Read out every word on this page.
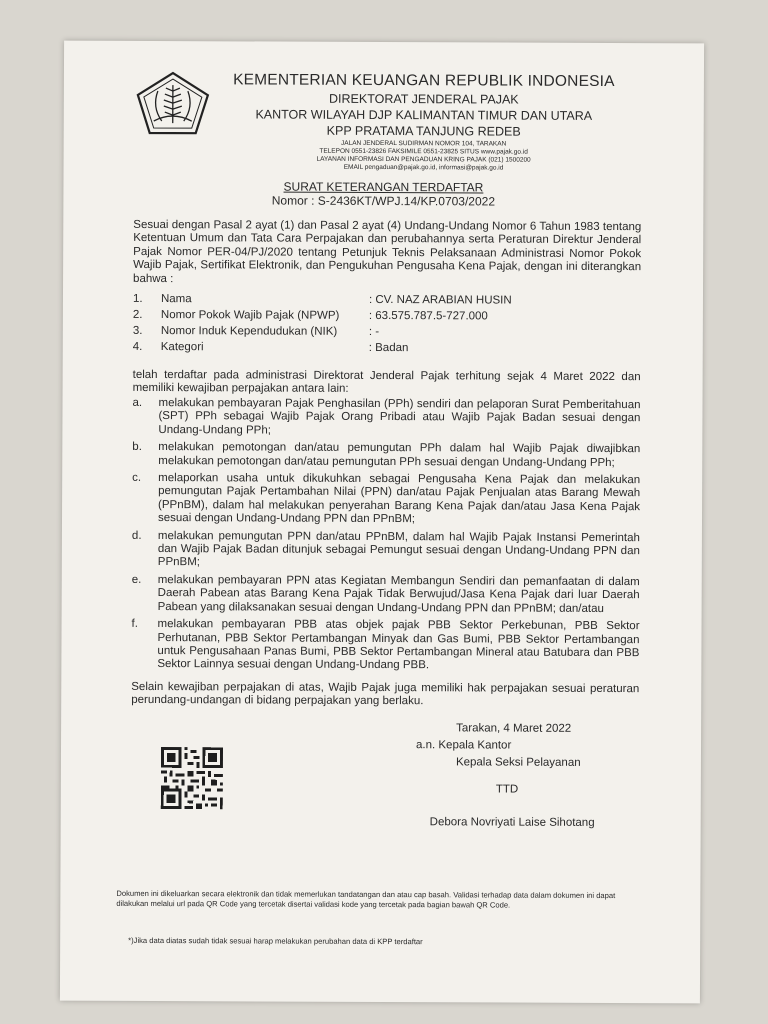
KEMENTERIAN KEUANGAN REPUBLIK INDONESIA
DIREKTORAT JENDERAL PAJAK
KANTOR WILAYAH DJP KALIMANTAN TIMUR DAN UTARA
KPP PRATAMA TANJUNG REDEB
JALAN JENDERAL SUDIRMAN NOMOR 104, TARAKAN
TELEPON 0551-23826 FAKSIMILE 0551-23825 SITUS www.pajak.go.id
LAYANAN INFORMASI DAN PENGADUAN KRING PAJAK (021) 1500200
EMAIL pengaduan@pajak.go.id, informasi@pajak.go.id
SURAT KETERANGAN TERDAFTAR
Nomor : S-2436KT/WPJ.14/KP.0703/2022
Sesuai dengan Pasal 2 ayat (1) dan Pasal 2 ayat (4) Undang-Undang Nomor 6 Tahun 1983 tentang Ketentuan Umum dan Tata Cara Perpajakan dan perubahannya serta Peraturan Direktur Jenderal Pajak Nomor PER-04/PJ/2020 tentang Petunjuk Teknis Pelaksanaan Administrasi Nomor Pokok Wajib Pajak, Sertifikat Elektronik, dan Pengukuhan Pengusaha Kena Pajak, dengan ini diterangkan bahwa :
1.	Nama	: CV. NAZ ARABIAN HUSIN
2.	Nomor Pokok Wajib Pajak (NPWP)	: 63.575.787.5-727.000
3.	Nomor Induk Kependudukan (NIK)	: -
4.	Kategori	: Badan
telah terdaftar pada administrasi Direktorat Jenderal Pajak terhitung sejak 4 Maret 2022 dan memiliki kewajiban perpajakan antara lain:
a.	melakukan pembayaran Pajak Penghasilan (PPh) sendiri dan pelaporan Surat Pemberitahuan (SPT) PPh sebagai Wajib Pajak Orang Pribadi atau Wajib Pajak Badan sesuai dengan Undang-Undang PPh;
b.	melakukan pemotongan dan/atau pemungutan PPh dalam hal Wajib Pajak diwajibkan melakukan pemotongan dan/atau pemungutan PPh sesuai dengan Undang-Undang PPh;
c.	melaporkan usaha untuk dikukuhkan sebagai Pengusaha Kena Pajak dan melakukan pemungutan Pajak Pertambahan Nilai (PPN) dan/atau Pajak Penjualan atas Barang Mewah (PPnBM), dalam hal melakukan penyerahan Barang Kena Pajak dan/atau Jasa Kena Pajak sesuai dengan Undang-Undang PPN dan PPnBM;
d.	melakukan pemungutan PPN dan/atau PPnBM, dalam hal Wajib Pajak Instansi Pemerintah dan Wajib Pajak Badan ditunjuk sebagai Pemungut sesuai dengan Undang-Undang PPN dan PPnBM;
e.	melakukan pembayaran PPN atas Kegiatan Membangun Sendiri dan pemanfaatan di dalam Daerah Pabean atas Barang Kena Pajak Tidak Berwujud/Jasa Kena Pajak dari luar Daerah Pabean yang dilaksanakan sesuai dengan Undang-Undang PPN dan PPnBM; dan/atau
f.	melakukan pembayaran PBB atas objek pajak PBB Sektor Perkebunan, PBB Sektor Perhutanan, PBB Sektor Pertambangan Minyak dan Gas Bumi, PBB Sektor Pertambangan untuk Pengusahaan Panas Bumi, PBB Sektor Pertambangan Mineral atau Batubara dan PBB Sektor Lainnya sesuai dengan Undang-Undang PBB.
Selain kewajiban perpajakan di atas, Wajib Pajak juga memiliki hak perpajakan sesuai peraturan perundang-undangan di bidang perpajakan yang berlaku.
Tarakan, 4 Maret 2022
a.n. Kepala Kantor
Kepala Seksi Pelayanan
TTD
Debora Novriyati Laise Sihotang
Dokumen ini dikeluarkan secara elektronik dan tidak memerlukan tandatangan dan atau cap basah. Validasi terhadap data dalam dokumen ini dapat dilakukan melalui url pada QR Code yang tercetak disertai validasi kode yang tercetak pada bagian bawah QR Code.
*)Jika data diatas sudah tidak sesuai harap melakukan perubahan data di KPP terdaftar
